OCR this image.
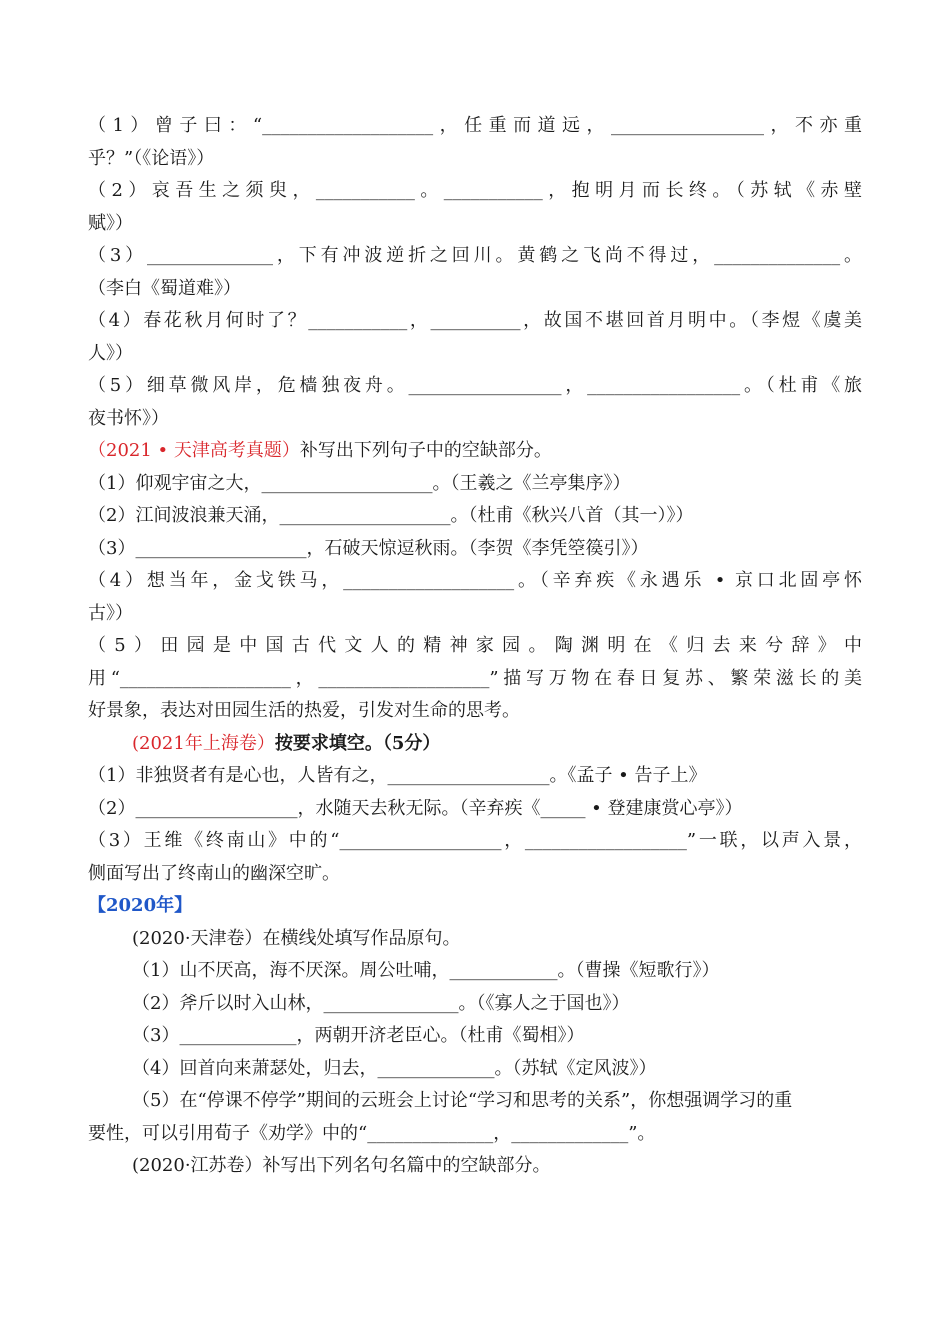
（1）曾子曰：“___________________，任重而道远，_________________，不亦重
乎？”（《论语》）
（2）哀吾生之须臾，___________。___________，抱明月而长终。（苏轼《赤壁
赋》）
（3）______________，下有冲波逆折之回川。黄鹤之飞尚不得过，______________。
（李白《蜀道难》）
（4）春花秋月何时了？___________，__________，故国不堪回首月明中。（李煜《虞美
人》）
（5）细草微风岸，危樯独夜舟。_________________，_________________。（杜甫《旅
夜书怀》）
（2021 • 天津高考真题）补写出下列句子中的空缺部分。
（1）仰观宇宙之大，___________________。（王羲之《兰亭集序》）
（2）江间波浪兼天涌，___________________。（杜甫《秋兴八首（其一）》）
（3）___________________，石破天惊逗秋雨。（李贺《李凭箜篌引》）
（4）想当年，金戈铁马，___________________。（辛弃疾《永遇乐 • 京口北固亭怀
古》）
（5）田园是中国古代文人的精神家园。陶渊明在《归去来兮辞》中
用“___________________，___________________”描写万物在春日复苏、繁荣滋长的美
好景象，表达对田园生活的热爱，引发对生命的思考。
(2021年上海卷）按要求填空。（5分）
（1）非独贤者有是心也，人皆有之，__________________。《孟子 • 告子上》
（2）__________________，水随天去秋无际。（辛弃疾《_____ • 登建康赏心亭》）
（3）王维《终南山》中的“__________________，__________________”一联，以声入景，
侧面写出了终南山的幽深空旷。
【2020年】
(2020·天津卷）在横线处填写作品原句。
（1）山不厌高，海不厌深。周公吐哺，____________。（曹操《短歌行》）
（2）斧斤以时入山林，_______________。（《寡人之于国也》）
（3）_____________，两朝开济老臣心。（杜甫《蜀相》）
（4）回首向来萧瑟处，归去，_____________。（苏轼《定风波》）
（5）在“停课不停学”期间的云班会上讨论“学习和思考的关系”，你想强调学习的重
要性，可以引用荀子《劝学》中的“______________，_____________”。
(2020·江苏卷）补写出下列名句名篇中的空缺部分。
